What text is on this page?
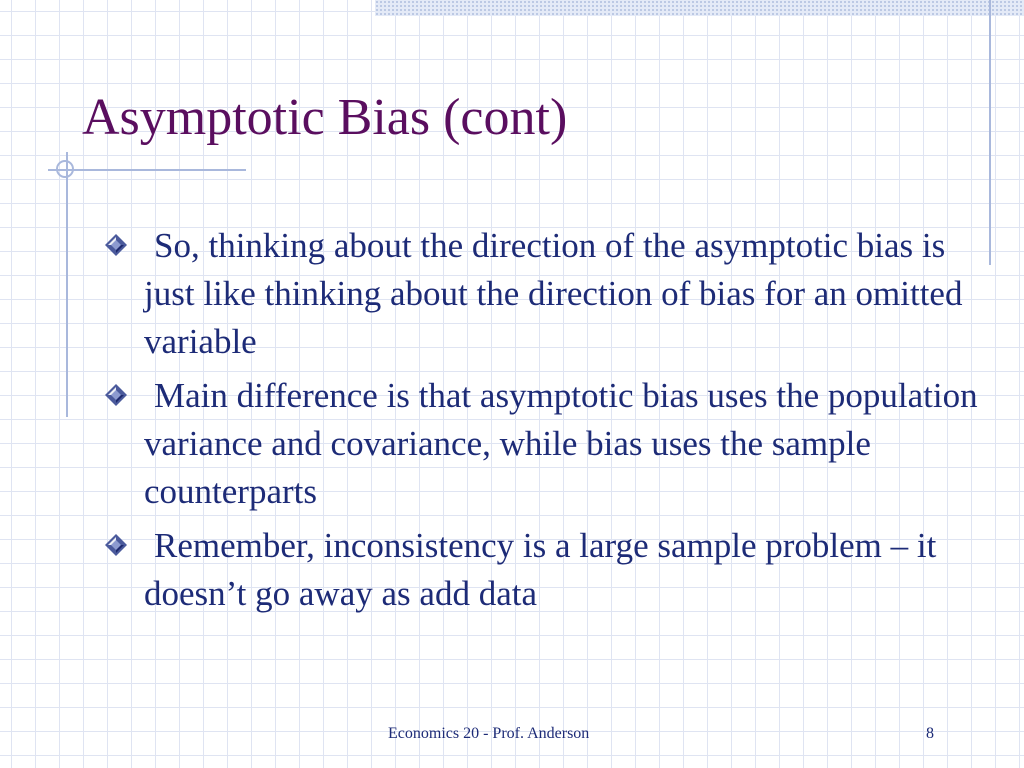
Asymptotic Bias (cont)
So, thinking about the direction of the asymptotic bias is just like thinking about the direction of bias for an omitted variable
Main difference is that asymptotic bias uses the population variance and covariance, while bias uses the sample counterparts
Remember, inconsistency is a large sample problem – it doesn’t go away as add data
Economics 20 - Prof. Anderson	8
